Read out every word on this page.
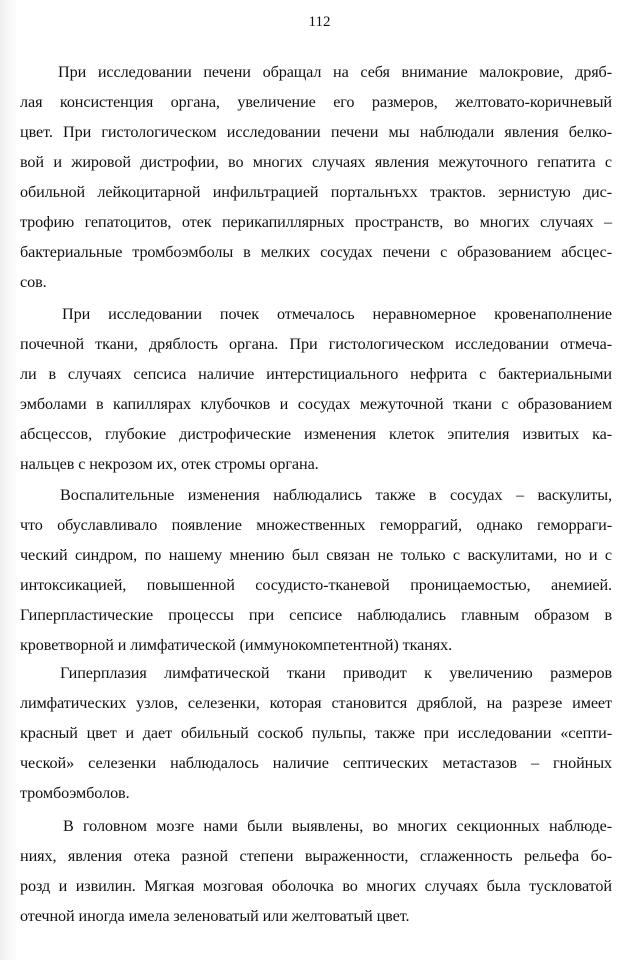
112
При исследовании печени обращал на себя внимание малокровие, дряб-
лая консистенция органа, увеличение его размеров, желтовато-коричневый
цвет. При гистологическом исследовании печени мы наблюдали явления белко-
вой и жировой дистрофии, во многих случаях явления межуточного гепатита с
обильной лейкоцитарной инфильтрацией портальнъхх трактов. зернистую дис-
трофию гепатоцитов, отек перикапиллярных пространств, во многих случаях –
бактериальные тромбоэмболы в мелких сосудах печени с образованием абсцес-
сов.
При исследовании почек отмечалось неравномерное кровенаполнение
почечной ткани, дряблость органа. При гистологическом исследовании отмеча-
ли в случаях сепсиса наличие интерстициального нефрита с бактериальными
эмболами в капиллярах клубочков и сосудах межуточной ткани с образованием
абсцессов, глубокие дистрофические изменения клеток эпителия извитых ка-
нальцев с некрозом их, отек стромы органа.
Воспалительные изменения наблюдались также в сосудах – васкулиты,
что обуславливало появление множественных геморрагий, однако геморраги-
ческий синдром, по нашему мнению был связан не только с васкулитами, но и с
интоксикацией, повышенной сосудисто-тканевой проницаемостью, анемией.
Гиперпластические процессы при сепсисе наблюдались главным образом в
кроветворной и лимфатической (иммунокомпетентной) тканях.
Гиперплазия лимфатической ткани приводит к увеличению размеров
лимфатических узлов, селезенки, которая становится дряблой, на разрезе имеет
красный цвет и дает обильный соскоб пульпы, также при исследовании «септи-
ческой» селезенки наблюдалось наличие септических метастазов – гнойных
тромбоэмболов.
В головном мозге нами были выявлены, во многих секционных наблюде-
ниях, явления отека разной степени выраженности, сглаженность рельефа бо-
розд и извилин. Мягкая мозговая оболочка во многих случаях была тускловатой
отечной иногда имела зеленоватый или желтоватый цвет.
